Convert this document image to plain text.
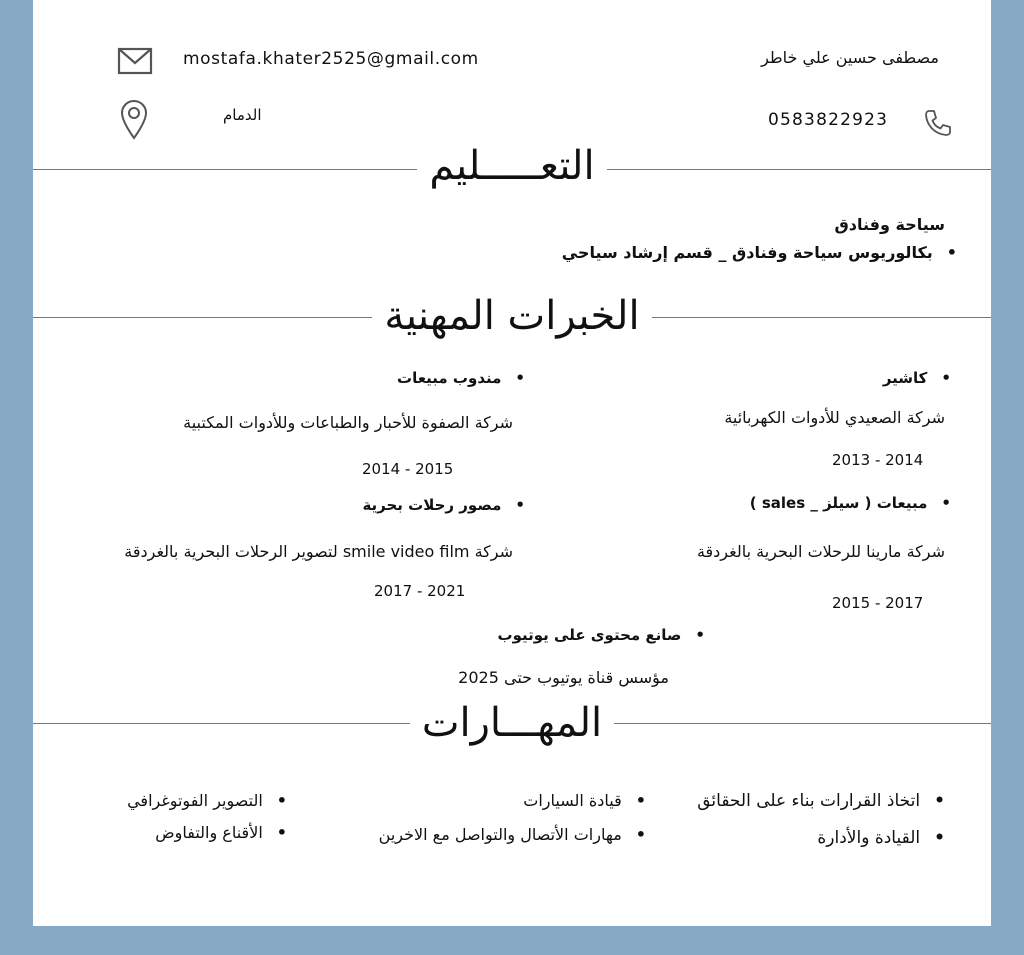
mostafa.khater2525@gmail.com	مصطفى حسين علي خاطر
الدمام	0583822923
التعـــــليم
سياحة وفنادق
• بكالوريوس سياحة وفنادق _ قسم إرشاد سياحي
الخبرات المهنية
• كاشير
شركة الصعيدي للأدوات الكهربائية
2013 - 2014
• مبيعات ( سيلز _ sales )
شركة مارينا للرحلات البحرية بالغردقة
2015 - 2017
• مندوب مبيعات
شركة الصفوة للأحبار والطباعات وللأدوات المكتبية
2014 - 2015
• مصور رحلات بحرية
شركة smile video film لتصوير الرحلات البحرية بالغردقة
2017 - 2021
• صانع محتوى على يوتيوب
مؤسس قناة يوتيوب حتى 2025
المهـــارات
• اتخاذ القرارات بناء على الحقائق
• القيادة والأدارة
• قيادة السيارات
• مهارات الأتصال والتواصل مع الاخرين
• التصوير الفوتوغرافي
• الأقناع والتفاوض
